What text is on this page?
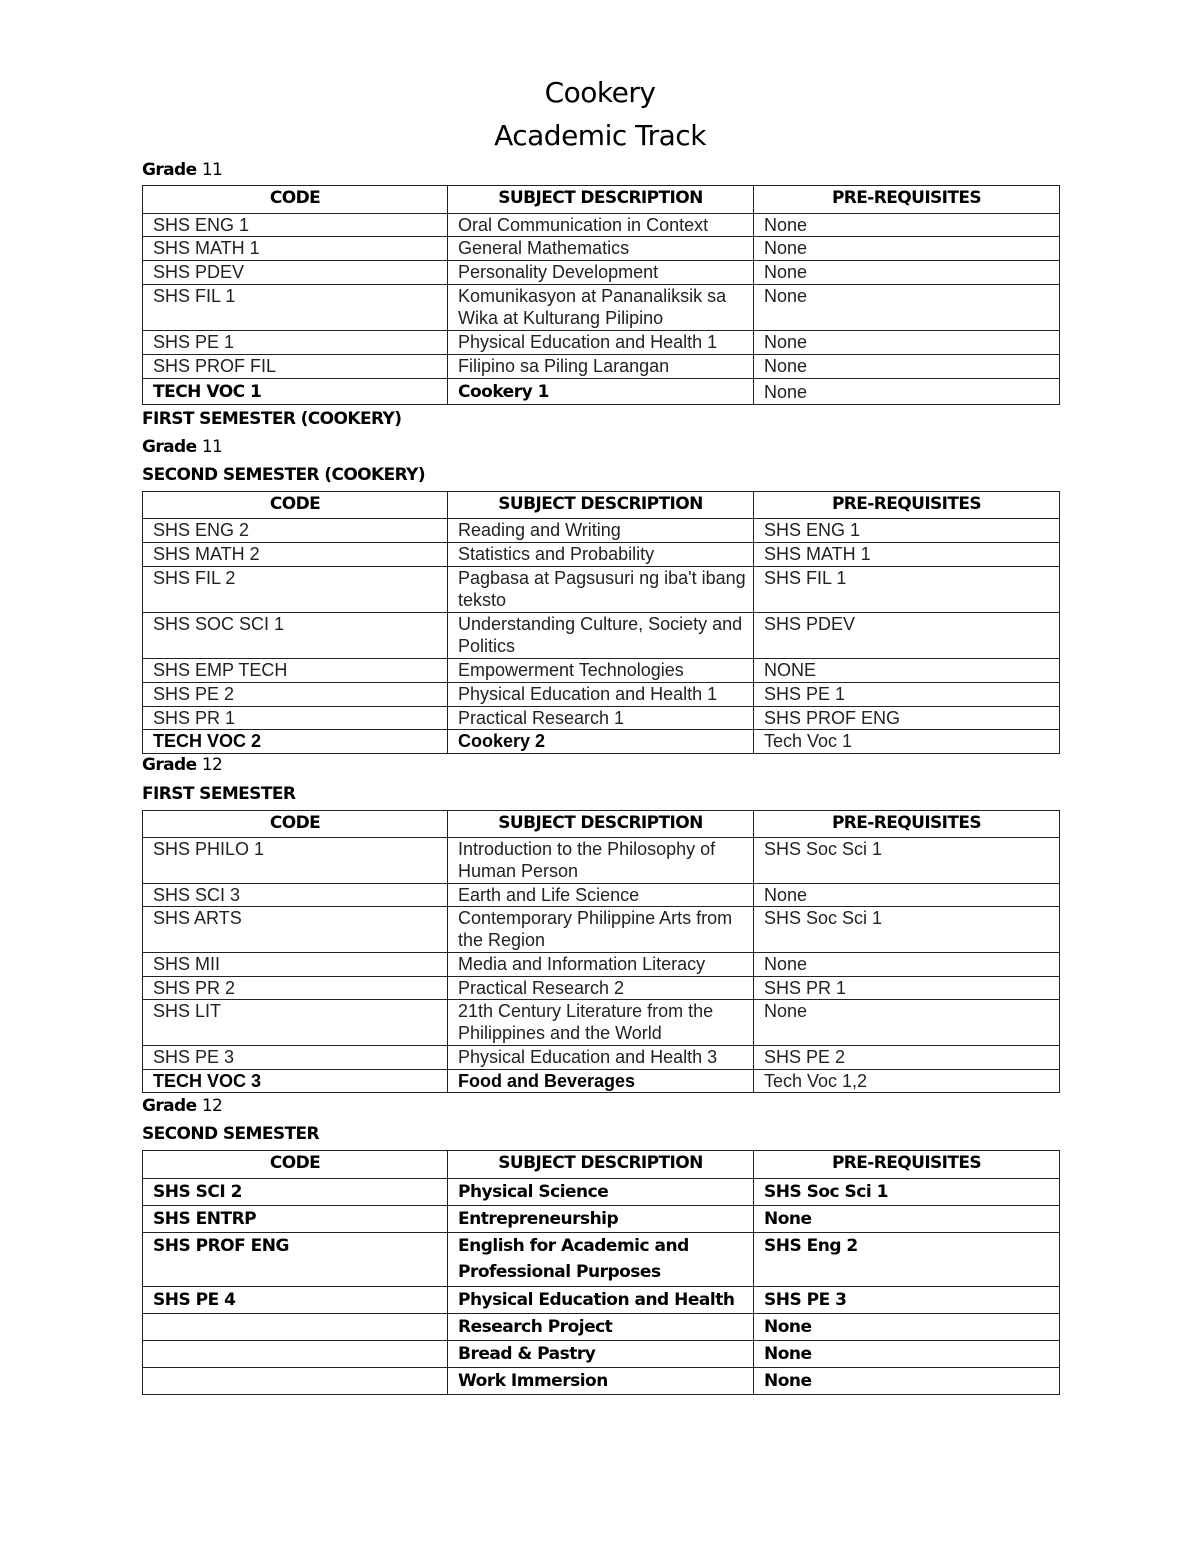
Cookery
Academic Track
Grade 11
CODE	SUBJECT DESCRIPTION	PRE-REQUISITES
SHS ENG 1	Oral Communication in Context	None
SHS MATH 1	General Mathematics	None
SHS PDEV	Personality Development	None
SHS FIL 1	Komunikasyon at Pananaliksik sa Wika at Kulturang Pilipino	None
SHS PE 1	Physical Education and Health 1	None
SHS PROF FIL	Filipino sa Piling Larangan	None
TECH VOC 1	Cookery 1	None
FIRST SEMESTER (COOKERY)
Grade 11
SECOND SEMESTER (COOKERY)
CODE	SUBJECT DESCRIPTION	PRE-REQUISITES
SHS ENG 2	Reading and Writing	SHS ENG 1
SHS MATH 2	Statistics and Probability	SHS MATH 1
SHS FIL 2	Pagbasa at Pagsusuri ng iba't ibang teksto	SHS FIL 1
SHS SOC SCI 1	Understanding Culture, Society and Politics	SHS PDEV
SHS EMP TECH	Empowerment Technologies	NONE
SHS PE 2	Physical Education and Health 1	SHS PE 1
SHS PR 1	Practical Research 1	SHS PROF ENG
TECH VOC 2	Cookery 2	Tech Voc 1
Grade 12
FIRST SEMESTER
CODE	SUBJECT DESCRIPTION	PRE-REQUISITES
SHS PHILO 1	Introduction to the Philosophy of Human Person	SHS Soc Sci 1
SHS SCI 3	Earth and Life Science	None
SHS ARTS	Contemporary Philippine Arts from the Region	SHS Soc Sci 1
SHS MII	Media and Information Literacy	None
SHS PR 2	Practical Research 2	SHS PR 1
SHS LIT	21th Century Literature from the Philippines and the World	None
SHS PE 3	Physical Education and Health 3	SHS PE 2
TECH VOC 3	Food and Beverages	Tech Voc 1,2
Grade 12
SECOND SEMESTER
CODE	SUBJECT DESCRIPTION	PRE-REQUISITES
SHS SCI 2	Physical Science	SHS Soc Sci 1
SHS ENTRP	Entrepreneurship	None
SHS PROF ENG	English for Academic and Professional Purposes	SHS Eng 2
SHS PE 4	Physical Education and Health	SHS PE 3
	Research Project	None
	Bread & Pastry	None
	Work Immersion	None
